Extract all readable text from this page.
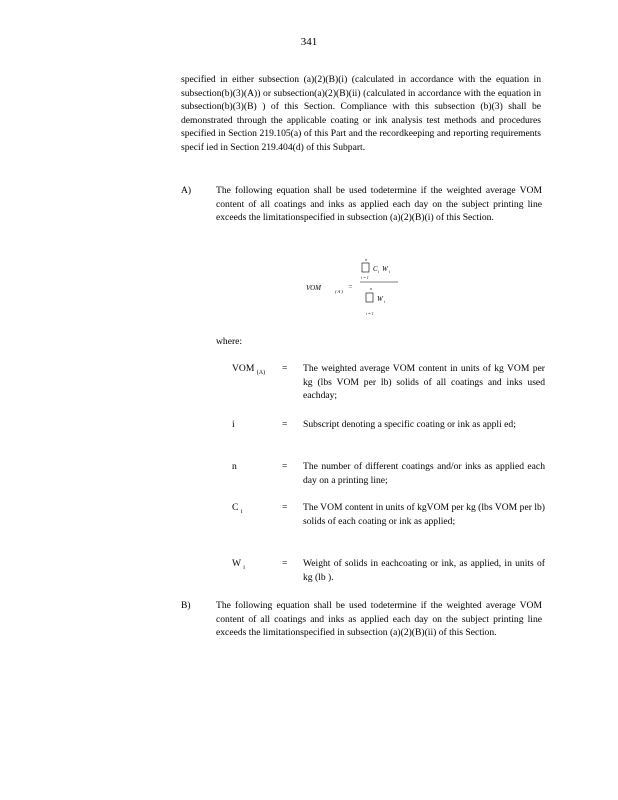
341
specified in either subsection (a)(2)(B)(i) (calculated in accordance with the equation in subsection(b)(3)(A)) or subsection(a)(2)(B)(ii) (calculated in accordance with the equation in subsection(b)(3)(B) ) of this Section. Compliance with this subsection (b)(3) shall be demonstrated through the applicable coating or ink analysis test methods and procedures specified in Section 219.105(a) of this Part and the recordkeeping and reporting requirements specif ied in Section 219.404(d) of this Subpart.
A)	The following equation shall be used todetermine if the weighted average VOM content of all coatings and inks as applied each day on the subject printing line exceeds the limitationspecified in subsection (a)(2)(B)(i) of this Section.
VOM	( A )
=
n
C i W i
i = 1
n
W i
i = 1
where:
VOM $_{(A)}$ = The weighted average VOM content in units of kg VOM per kg (lbs VOM per lb) solids of all coatings and inks used eachday;
i	= Subscript denoting a specific coating or ink as appli ed;
n	= The number of different coatings and/or inks as applied each day on a printing line;
C $_i$	= The VOM content in units of kgVOM per kg (lbs VOM per lb) solids of each coating or ink as applied;
W $_i$	= Weight of solids in eachcoating or ink, as applied, in units of kg (lb ).
B)	The following equation shall be used todetermine if the weighted average VOM content of all coatings and inks as applied each day on the subject printing line exceeds the limitationspecified in subsection (a)(2)(B)(ii) of this Section.
